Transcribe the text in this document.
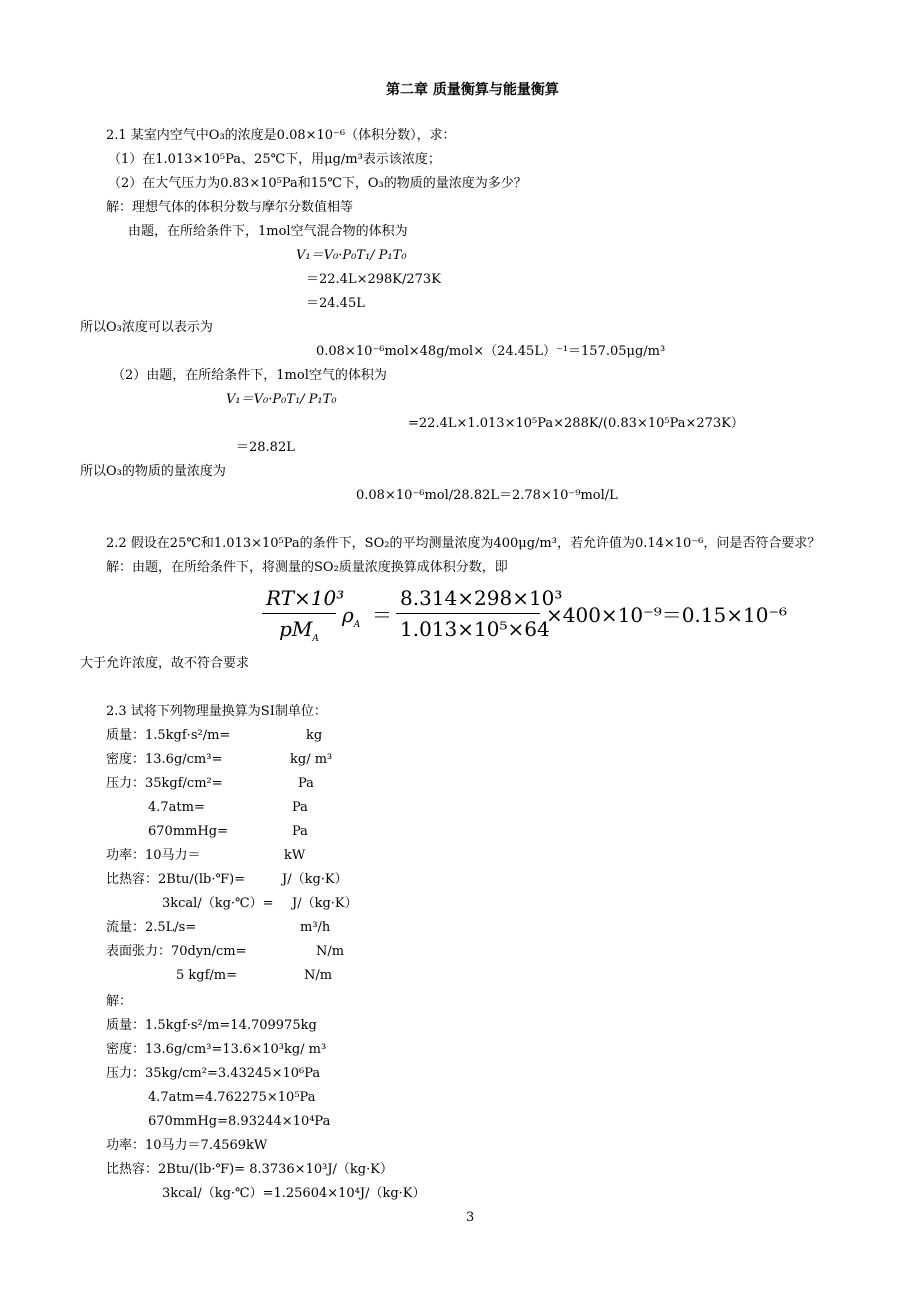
第二章 质量衡算与能量衡算
2.1 某室内空气中O₃的浓度是0.08×10⁻⁶（体积分数），求：
（1）在1.013×10⁵Pa、25℃下，用μg/m³表示该浓度；
（2）在大气压力为0.83×10⁵Pa和15℃下，O₃的物质的量浓度为多少？
解：理想气体的体积分数与摩尔分数值相等
由题，在所给条件下，1mol空气混合物的体积为
V₁＝V₀·P₀T₁/ P₁T₀
＝22.4L×298K/273K
＝24.45L
所以O₃浓度可以表示为
0.08×10⁻⁶mol×48g/mol×（24.45L）⁻¹＝157.05μg/m³
（2）由题，在所给条件下，1mol空气的体积为
V₁＝V₀·P₀T₁/ P₁T₀
=22.4L×1.013×10⁵Pa×288K/(0.83×10⁵Pa×273K）
＝28.82L
所以O₃的物质的量浓度为
0.08×10⁻⁶mol/28.82L＝2.78×10⁻⁹mol/L
2.2 假设在25℃和1.013×10⁵Pa的条件下，SO₂的平均测量浓度为400μg/m³，若允许值为0.14×10⁻⁶，问是否符合要求？
解：由题，在所给条件下，将测量的SO₂质量浓度换算成体积分数，即
RT×10³
$pM_A$
$\rho_A$ ＝
8.314×298×10³
1.013×10⁵×64
×400×10⁻⁹＝0.15×10⁻⁶
大于允许浓度，故不符合要求
2.3 试将下列物理量换算为SI制单位：
质量：1.5kgf·s²/m=	kg
密度：13.6g/cm³=	kg/ m³
压力：35kgf/cm²=	Pa
4.7atm=	Pa
670mmHg=	Pa
功率：10马力＝	kW
比热容：2Btu/(lb·℉)=	J/（kg·K）
3kcal/（kg·℃）= J/（kg·K）
流量：2.5L/s=	m³/h
表面张力：70dyn/cm=	N/m
5 kgf/m=	N/m
解：
质量：1.5kgf·s²/m=14.709975kg
密度：13.6g/cm³=13.6×10³kg/ m³
压力：35kg/cm²=3.43245×10⁶Pa
4.7atm=4.762275×10⁵Pa
670mmHg=8.93244×10⁴Pa
功率：10马力＝7.4569kW
比热容：2Btu/(lb·℉)= 8.3736×10³J/（kg·K）
3kcal/（kg·℃）=1.25604×10⁴J/（kg·K）
3
